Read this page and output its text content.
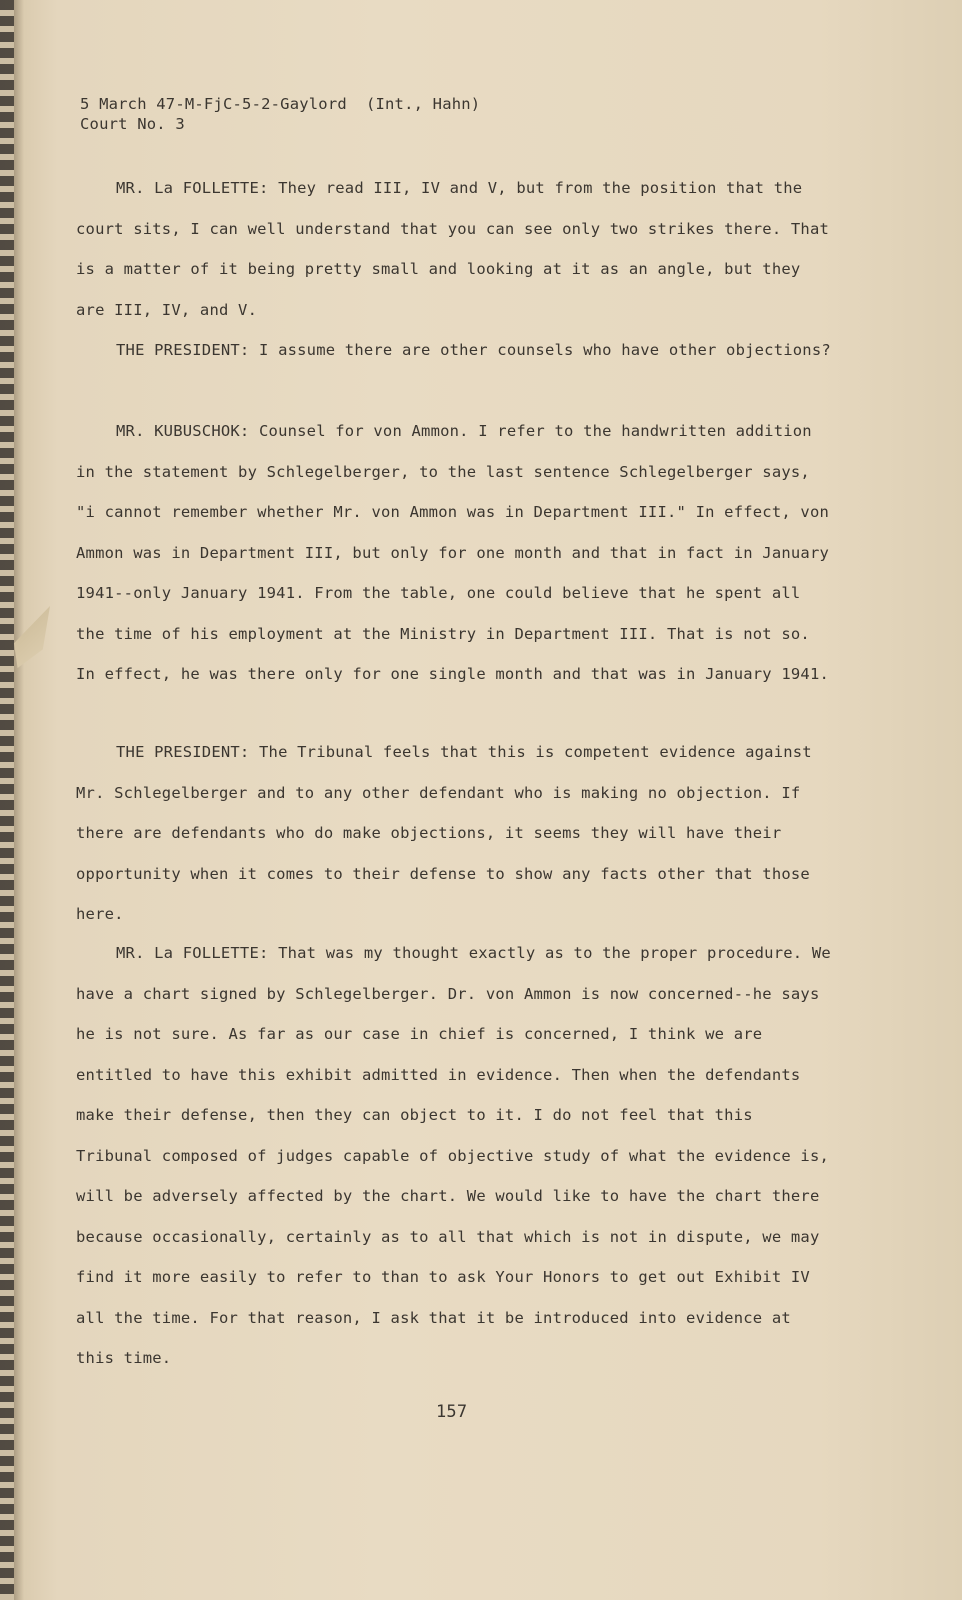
5 March 47-M-FjC-5-2-Gaylord  (Int., Hahn)
Court No. 3

MR. La FOLLETTE: They read III, IV and V, but from the position that the court sits, I can well understand that you can see only two strikes there. That is a matter of it being pretty small and looking at it as an angle, but they are III, IV, and V.

THE PRESIDENT: I assume there are other counsels who have other objections?

MR. KUBUSCHOK: Counsel for von Ammon. I refer to the handwritten addition in the statement by Schlegelberger, to the last sentence Schlegelberger says, "i cannot remember whether Mr. von Ammon was in Department III." In effect, von Ammon was in Department III, but only for one month and that in fact in January 1941--only January 1941. From the table, one could believe that he spent all the time of his employment at the Ministry in Department III. That is not so. In effect, he was there only for one single month and that was in January 1941.

THE PRESIDENT: The Tribunal feels that this is competent evidence against Mr. Schlegelberger and to any other defendant who is making no objection. If there are defendants who do make objections, it seems they will have their opportunity when it comes to their defense to show any facts other that those here.

MR. La FOLLETTE: That was my thought exactly as to the proper procedure. We have a chart signed by Schlegelberger. Dr. von Ammon is now concerned--he says he is not sure. As far as our case in chief is concerned, I think we are entitled to have this exhibit admitted in evidence. Then when the defendants make their defense, then they can object to it. I do not feel that this Tribunal composed of judges capable of objective study of what the evidence is, will be adversely affected by the chart. We would like to have the chart there because occasionally, certainly as to all that which is not in dispute, we may find it more easily to refer to than to ask Your Honors to get out Exhibit IV all the time. For that reason, I ask that it be introduced into evidence at this time.

157
